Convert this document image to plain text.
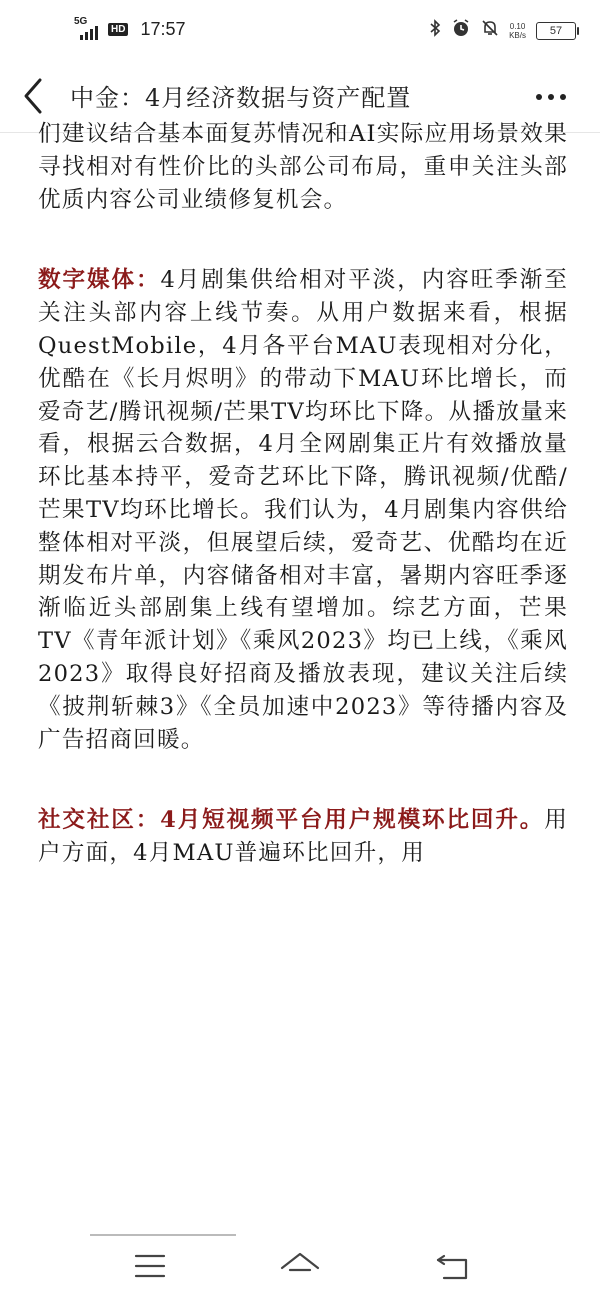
5G
HD 17:57	0.10
KB/s	57
中金：4月经济数据与资产配置

们建议结合基本面复苏情况和AI实际应用场景效果寻找相对有性价比的头部公司布局，重申关注头部优质内容公司业绩修复机会。

数字媒体：4月剧集供给相对平淡，内容旺季渐至关注头部内容上线节奏。从用户数据来看，根据QuestMobile，4月各平台MAU表现相对分化，优酷在《长月烬明》的带动下MAU环比增长，而爱奇艺/腾讯视频/芒果TV均环比下降。从播放量来看，根据云合数据，4月全网剧集正片有效播放量环比基本持平，爱奇艺环比下降，腾讯视频/优酷/芒果TV均环比增长。我们认为，4月剧集内容供给整体相对平淡，但展望后续，爱奇艺、优酷均在近期发布片单，内容储备相对丰富，暑期内容旺季逐渐临近头部剧集上线有望增加。综艺方面，芒果TV《青年派计划》《乘风2023》均已上线，《乘风2023》取得良好招商及播放表现，建议关注后续《披荆斩棘3》《全员加速中2023》等待播内容及广告招商回暖。

社交社区：4月短视频平台用户规模环比回升。用户方面，4月MAU普遍环比回升，用
